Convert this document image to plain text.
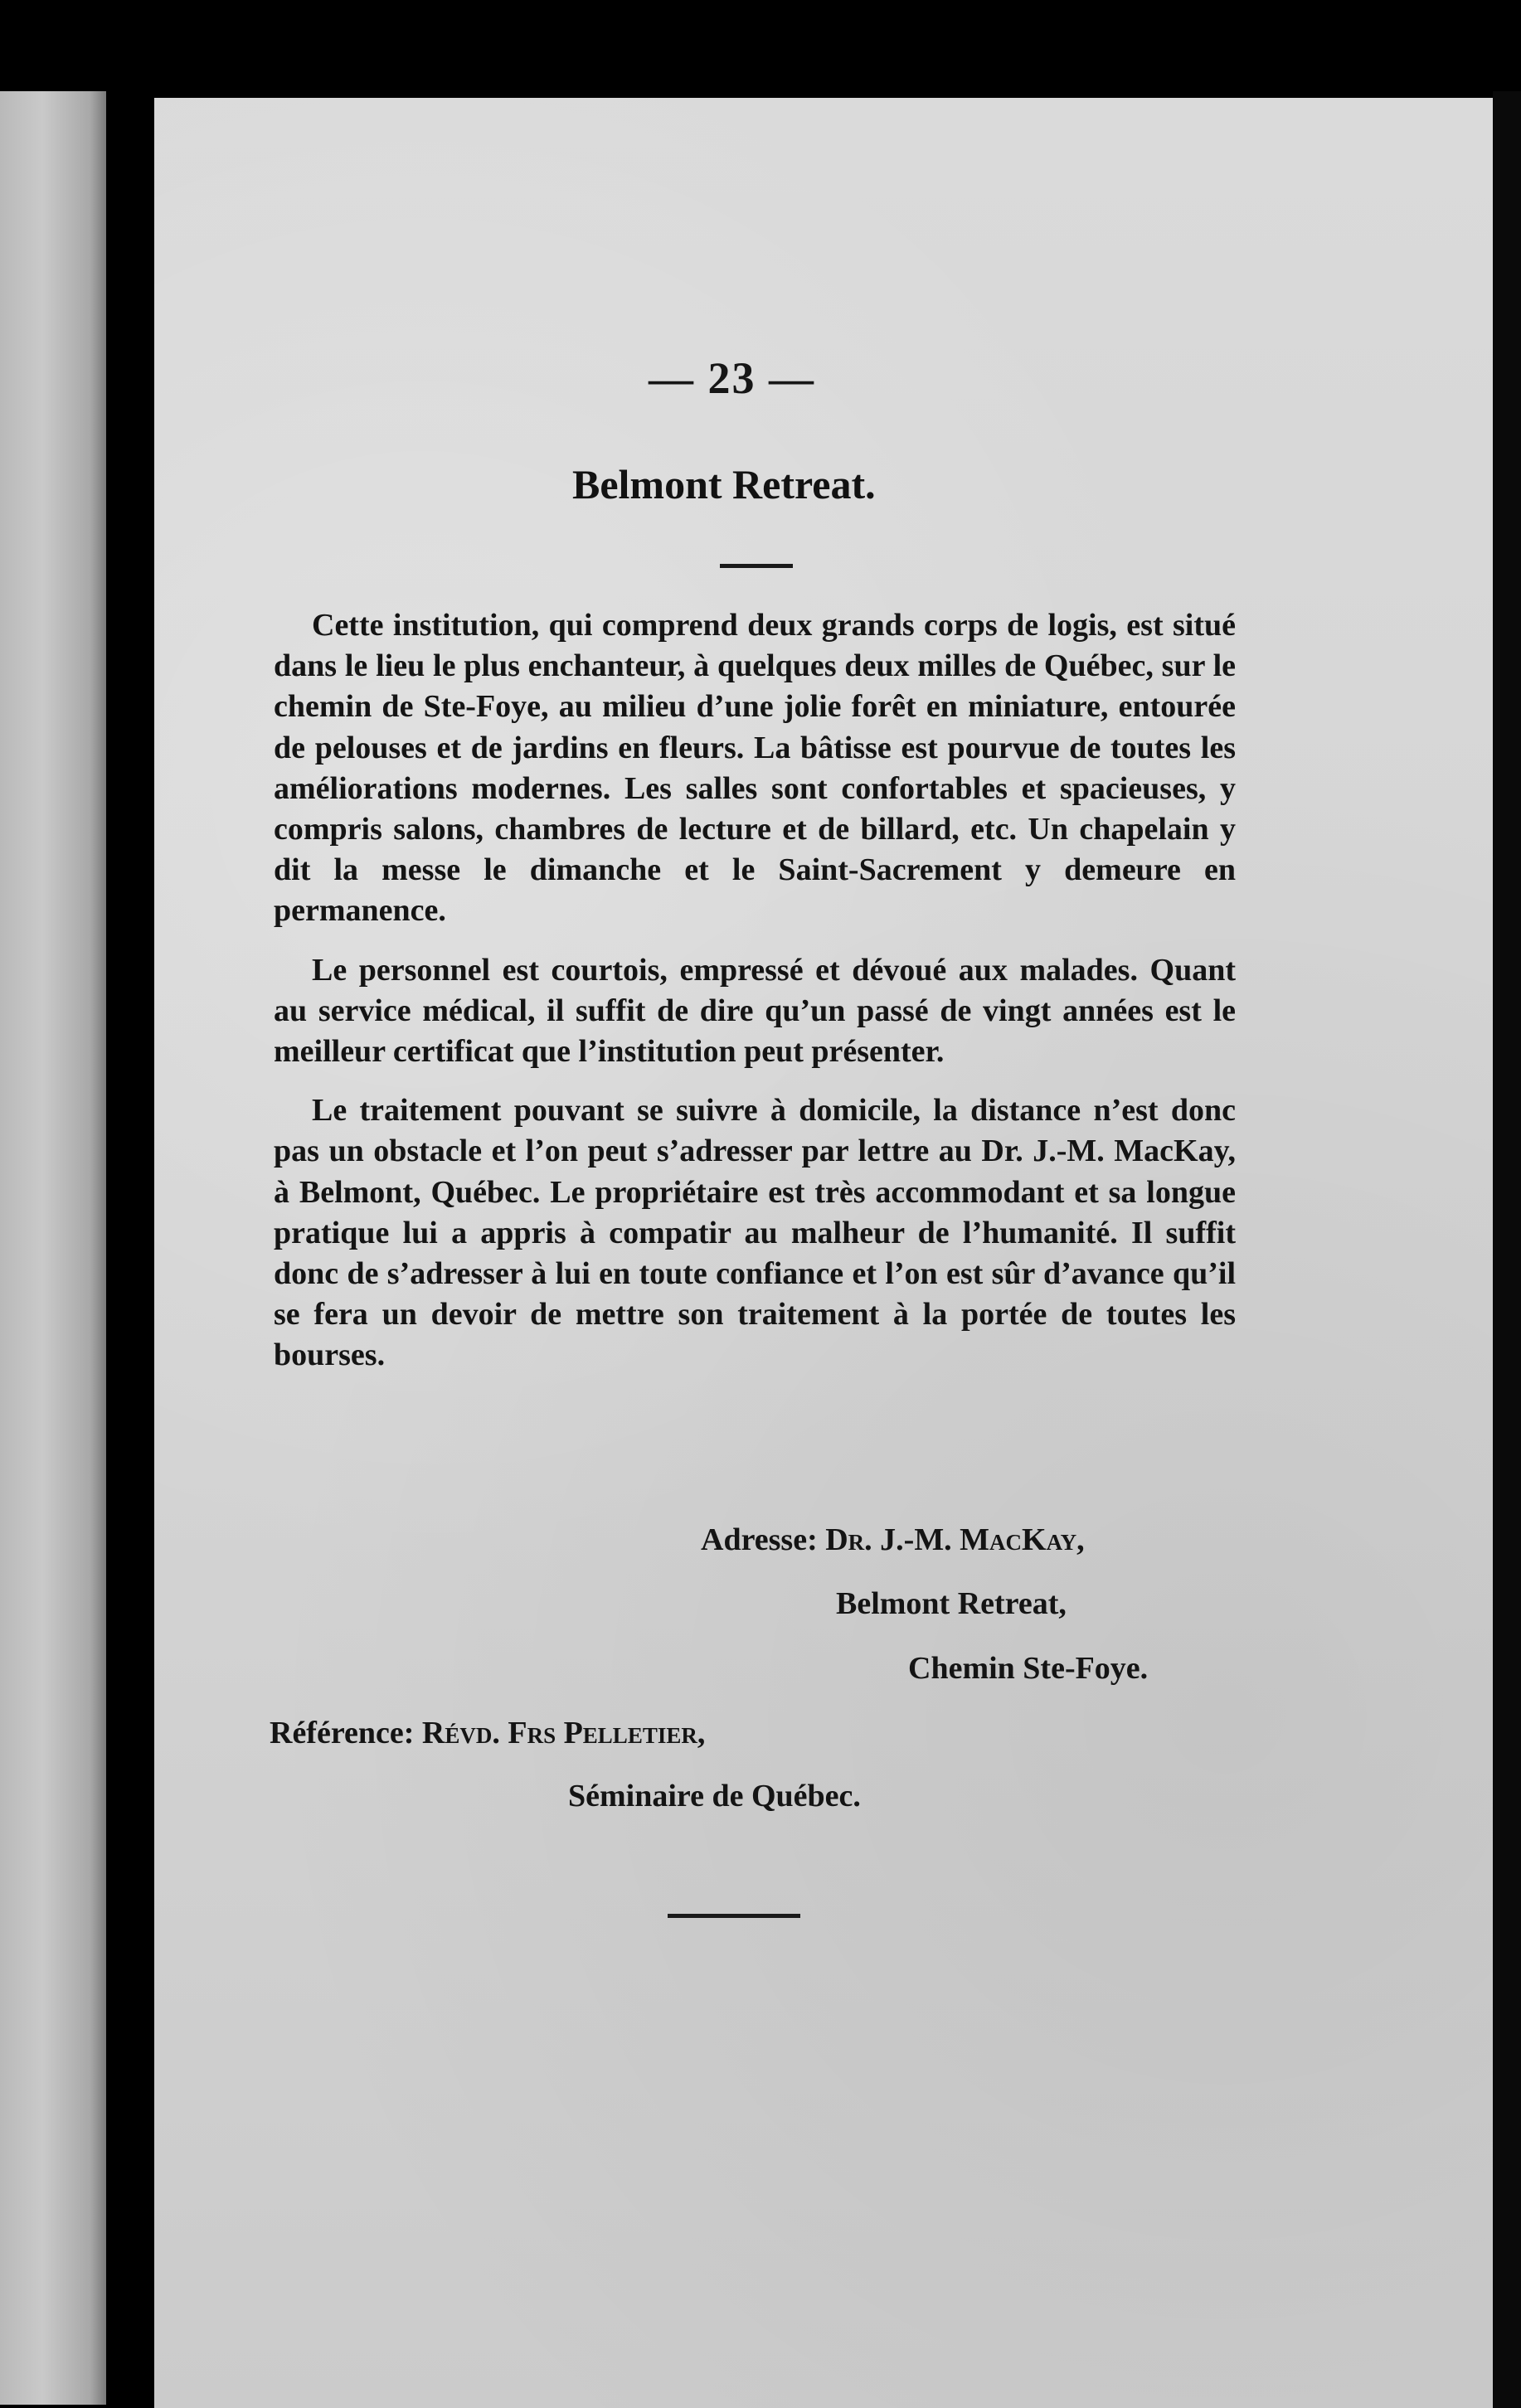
— 23 —
Belmont Retreat.

Cette institution, qui comprend deux grands corps de logis, est situé dans le lieu le plus enchanteur, à quelques deux milles de Québec, sur le chemin de Ste-Foye, au milieu d’une jolie forêt en miniature, entourée de pelouses et de jardins en fleurs. La bâtisse est pourvue de toutes les améliorations modernes. Les salles sont confortables et spacieuses, y compris salons, chambres de lecture et de billard, etc. Un chapelain y dit la messe le dimanche et le Saint-Sacrement y demeure en permanence.

Le personnel est courtois, empressé et dévoué aux malades. Quant au service médical, il suffit de dire qu’un passé de vingt années est le meilleur certificat que l’institution peut présenter.

Le traitement pouvant se suivre à domicile, la distance n’est donc pas un obstacle et l’on peut s’adresser par lettre au Dr. J.-M. MacKay, à Belmont, Québec. Le propriétaire est très accommodant et sa longue pratique lui a appris à compatir au malheur de l’humanité. Il suffit donc de s’adresser à lui en toute confiance et l’on est sûr d’avance qu’il se fera un devoir de mettre son traitement à la portée de toutes les bourses.

Adresse: Dr. J.-M. MacKay,
Belmont Retreat,
Chemin Ste-Foye.
Référence: Révd. Frs Pelletier,
Séminaire de Québec.
